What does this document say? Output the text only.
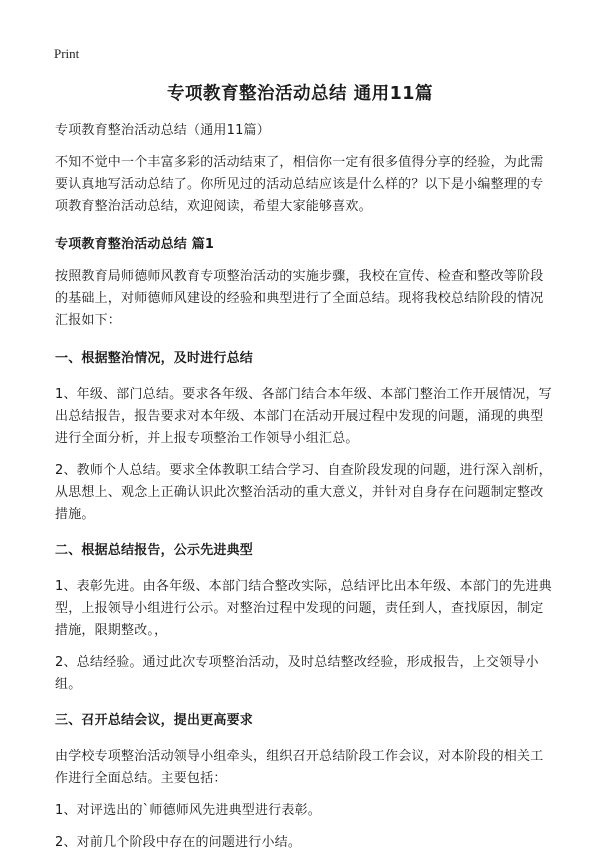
Print
专项教育整治活动总结 通用11篇

专项教育整治活动总结（通用11篇）

不知不觉中一个丰富多彩的活动结束了，相信你一定有很多值得分享的经验，为此需要认真地写活动总结了。你所见过的活动总结应该是什么样的？以下是小编整理的专项教育整治活动总结，欢迎阅读，希望大家能够喜欢。

专项教育整治活动总结 篇1

按照教育局师德师风教育专项整治活动的实施步骤，我校在宣传、检查和整改等阶段的基础上，对师德师风建设的经验和典型进行了全面总结。现将我校总结阶段的情况汇报如下：

一、根据整治情况，及时进行总结

1、年级、部门总结。要求各年级、各部门结合本年级、本部门整治工作开展情况，写出总结报告，报告要求对本年级、本部门在活动开展过程中发现的问题，涌现的典型进行全面分析，并上报专项整治工作领导小组汇总。

2、教师个人总结。要求全体教职工结合学习、自查阶段发现的问题，进行深入剖析，从思想上、观念上正确认识此次整治活动的重大意义，并针对自身存在问题制定整改措施。

二、根据总结报告，公示先进典型

1、表彰先进。由各年级、本部门结合整改实际，总结评比出本年级、本部门的先进典型，上报领导小组进行公示。对整治过程中发现的问题，责任到人，查找原因，制定措施，限期整改。，

2、总结经验。通过此次专项整治活动，及时总结整改经验，形成报告，上交领导小组。

三、召开总结会议，提出更高要求

由学校专项整治活动领导小组牵头，组织召开总结阶段工作会议，对本阶段的相关工作进行全面总结。主要包括：

1、对评选出的`师德师风先进典型进行表彰。

2、对前几个阶段中存在的问题进行小结。
